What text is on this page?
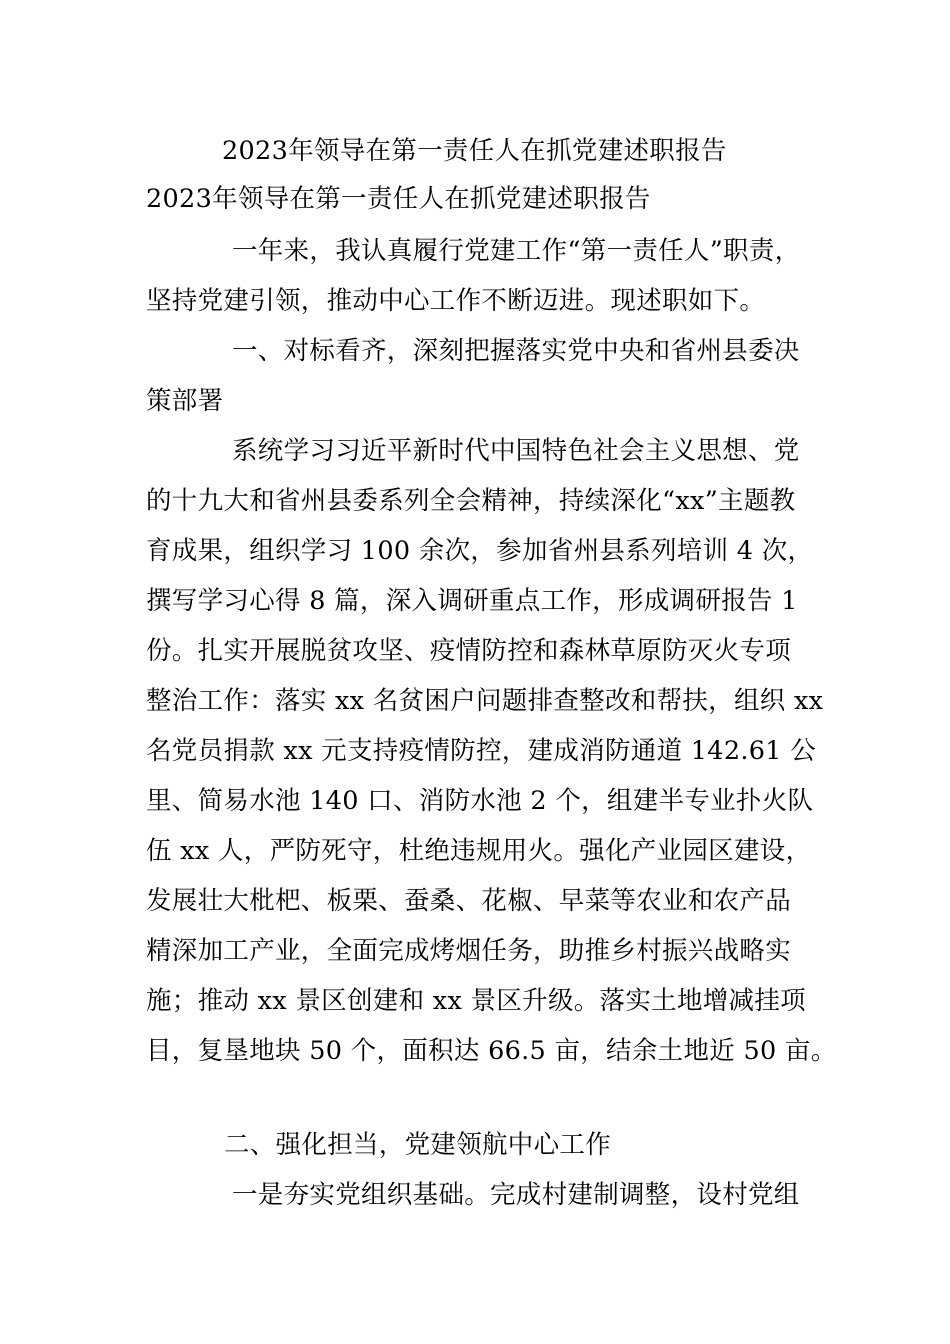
2023年领导在第一责任人在抓党建述职报告
2023年领导在第一责任人在抓党建述职报告
一年来，我认真履行党建工作“第一责任人”职责，
坚持党建引领，推动中心工作不断迈进。现述职如下。
一、对标看齐，深刻把握落实党中央和省州县委决
策部署
系统学习习近平新时代中国特色社会主义思想、党
的十九大和省州县委系列全会精神，持续深化“xx”主题教
育成果，组织学习 100 余次，参加省州县系列培训 4 次，
撰写学习心得 8 篇，深入调研重点工作，形成调研报告 1
份。扎实开展脱贫攻坚、疫情防控和森林草原防灭火专项
整治工作：落实 xx 名贫困户问题排查整改和帮扶，组织 xx
名党员捐款 xx 元支持疫情防控，建成消防通道 142.61 公
里、简易水池 140 口、消防水池 2 个，组建半专业扑火队
伍 xx 人，严防死守，杜绝违规用火。强化产业园区建设，
发展壮大枇杷、板栗、蚕桑、花椒、早菜等农业和农产品
精深加工产业，全面完成烤烟任务，助推乡村振兴战略实
施；推动 xx 景区创建和 xx 景区升级。落实土地增减挂项
目，复垦地块 50 个，面积达 66.5 亩，结余土地近 50 亩。
二、强化担当，党建领航中心工作
一是夯实党组织基础。完成村建制调整，设村党组
